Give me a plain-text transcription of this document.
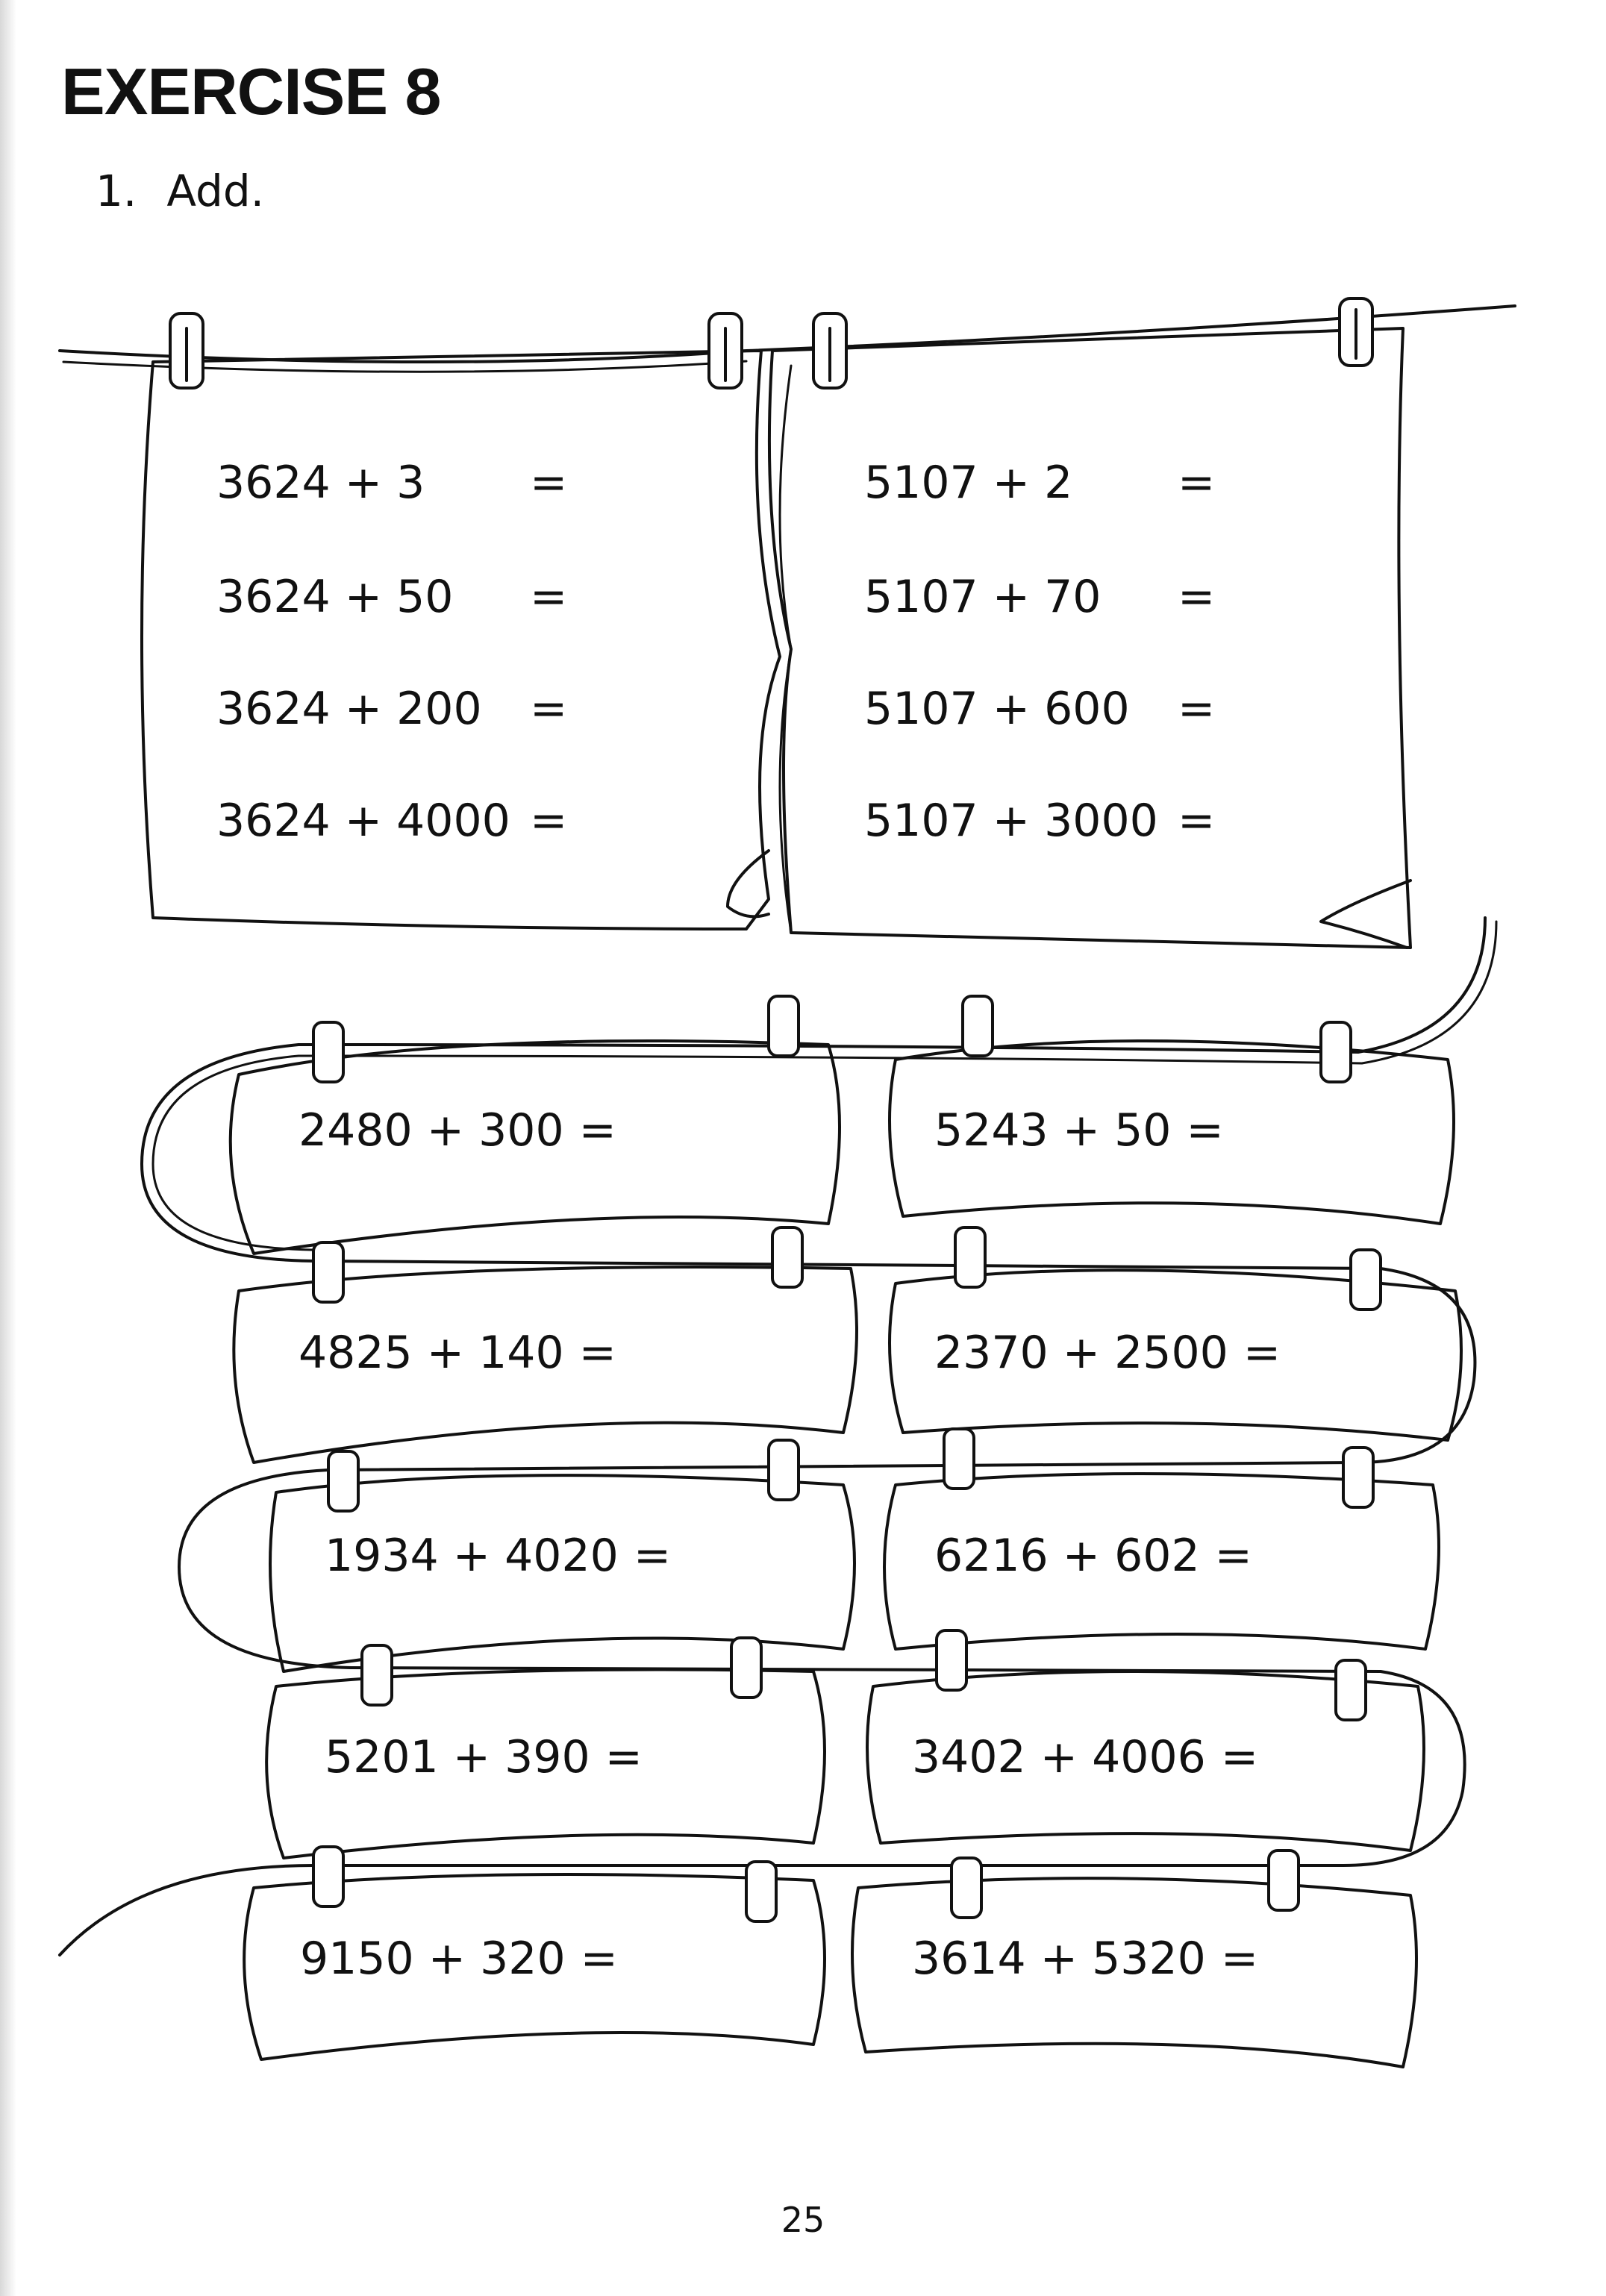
EXERCISE 8
1. Add.
3624 + 3 =
3624 + 50 =
3624 + 200 =
3624 + 4000 =
5107 + 2 =
5107 + 70 =
5107 + 600 =
5107 + 3000 =
2480 + 300 =	5243 + 50 =
4825 + 140 =	2370 + 2500 =
1934 + 4020 =	6216 + 602 =
5201 + 390 =	3402 + 4006 =
9150 + 320 =	3614 + 5320 =
25
